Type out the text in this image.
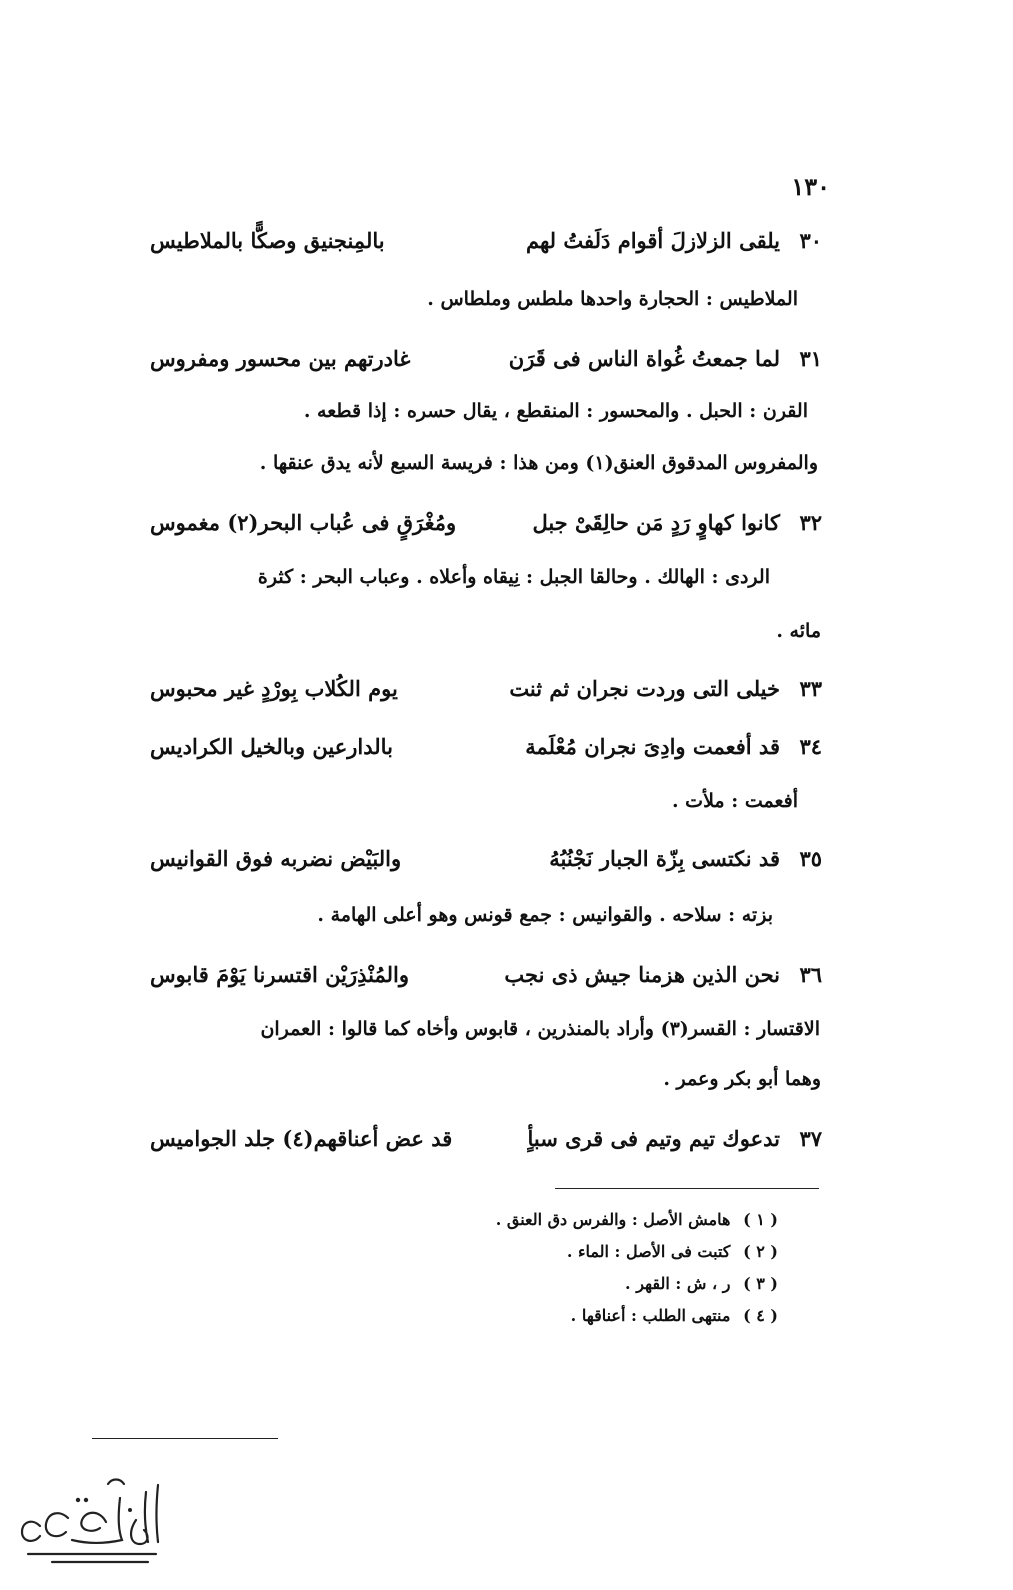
١٣٠
٣٠
يلقى الزلازلَ أقوام دَلَفتُ لهم
بالمِنجنيق وصكًّا بالملاطيس
الملاطيس : الحجارة واحدها ملطس وملطاس .
٣١
لما جمعتُ غُواة الناس فى قَرَن
غادرتهم بين محسور ومفروس
القرن : الحبل . والمحسور : المنقطع ، يقال حسره : إذا قطعه .
والمفروس المدقوق العنق(١) ومن هذا : فريسة السبع لأنه يدق عنقها .
٣٢
كانوا كهاوٍ رَدٍ مَن حالِقَىْ جبل
ومُغْرَقٍ فى عُباب البحر(٢) مغموس
الردى : الهالك . وحالقا الجبل : نِيقاه وأعلاه . وعباب البحر : كثرة
مائه .
٣٣
خيلى التى وردت نجران ثم ثنت
يوم الكُلاب بِورْدٍ غير محبوس
٣٤
قد أفعمت وادِىَ نجران مُعْلَمة
بالدارعين وبالخيل الكراديس
أفعمت : ملأت .
٣٥
قد نكتسى بِزّة الجبار نَجْنُبُهُ
والبَيْض نضربه فوق القوانيس
بزته : سلاحه . والقوانيس : جمع قونس وهو أعلى الهامة .
٣٦
نحن الذين هزمنا جيش ذى نجب
والمُنْذِرَيْن اقتسرنا يَوْمَ قابوس
الاقتسار : القسر(٣) وأراد بالمنذرين ، قابوس وأخاه كما قالوا : العمران
وهما أبو بكر وعمر .
٣٧
تدعوك تيم وتيم فى قرى سبأٍ
قد عض أعناقهم(٤) جلد الجواميس
( ١ ) هامش الأصل : والفرس دق العنق .
( ٢ ) كتبت فى الأصل : الماء .
( ٣ ) ر ، ش : القهر .
( ٤ ) منتهى الطلب : أعناقها .
